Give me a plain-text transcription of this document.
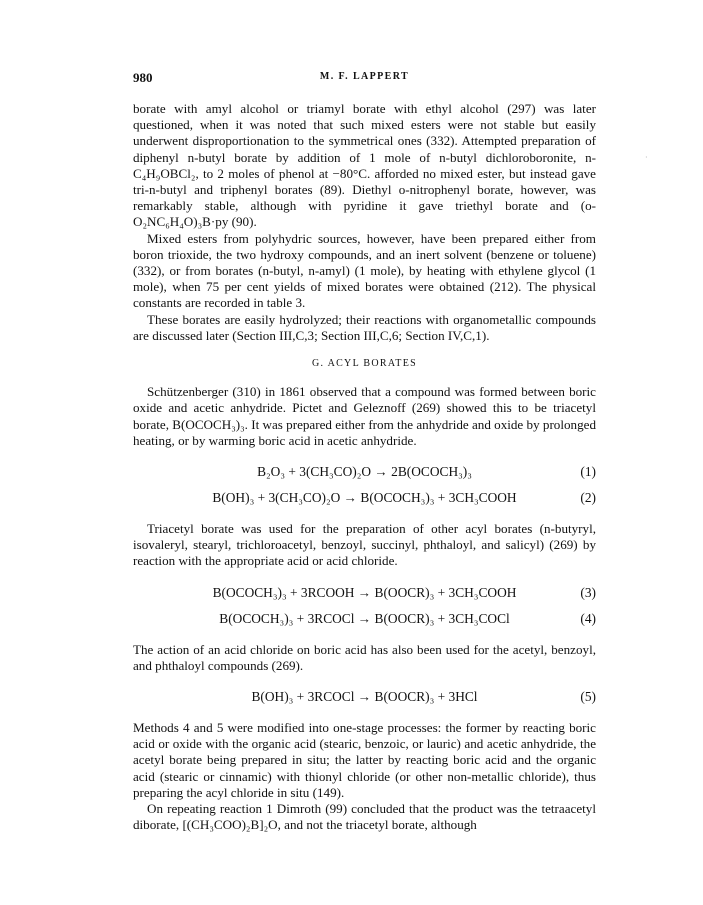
980	M. F. LAPPERT
·

borate with amyl alcohol or triamyl borate with ethyl alcohol (297) was later questioned, when it was noted that such mixed esters were not stable but easily underwent disproportionation to the symmetrical ones (332). Attempted preparation of diphenyl n-butyl borate by addition of 1 mole of n-butyl dichloroboronite, n-C₄H₉OBCl₂, to 2 moles of phenol at −80°C. afforded no mixed ester, but instead gave tri-n-butyl and triphenyl borates (89). Diethyl o-nitrophenyl borate, however, was remarkably stable, although with pyridine it gave triethyl borate and (o-O₂NC₆H₄O)₃B·py (90).

Mixed esters from polyhydric sources, however, have been prepared either from boron trioxide, the two hydroxy compounds, and an inert solvent (benzene or toluene) (332), or from borates (n-butyl, n-amyl) (1 mole), by heating with ethylene glycol (1 mole), when 75 per cent yields of mixed borates were obtained (212). The physical constants are recorded in table 3.

These borates are easily hydrolyzed; their reactions with organometallic compounds are discussed later (Section III,C,3; Section III,C,6; Section IV,C,1).

G. ACYL BORATES

Schützenberger (310) in 1861 observed that a compound was formed between boric oxide and acetic anhydride. Pictet and Geleznoff (269) showed this to be triacetyl borate, B(OCOCH₃)₃. It was prepared either from the anhydride and oxide by prolonged heating, or by warming boric acid in acetic anhydride.

B₂O₃ + 3(CH₃CO)₂O → 2B(OCOCH₃)₃	(1)
B(OH)₃ + 3(CH₃CO)₂O → B(OCOCH₃)₃ + 3CH₃COOH	(2)

Triacetyl borate was used for the preparation of other acyl borates (n-butyryl, isovaleryl, stearyl, trichloroacetyl, benzoyl, succinyl, phthaloyl, and salicyl) (269) by reaction with the appropriate acid or acid chloride.

B(OCOCH₃)₃ + 3RCOOH → B(OOCR)₃ + 3CH₃COOH	(3)
B(OCOCH₃)₃ + 3RCOCl → B(OOCR)₃ + 3CH₃COCl	(4)

The action of an acid chloride on boric acid has also been used for the acetyl, benzoyl, and phthaloyl compounds (269).

B(OH)₃ + 3RCOCl → B(OOCR)₃ + 3HCl	(5)

Methods 4 and 5 were modified into one-stage processes: the former by reacting boric acid or oxide with the organic acid (stearic, benzoic, or lauric) and acetic anhydride, the acetyl borate being prepared in situ; the latter by reacting boric acid and the organic acid (stearic or cinnamic) with thionyl chloride (or other non-metallic chloride), thus preparing the acyl chloride in situ (149).

On repeating reaction 1 Dimroth (99) concluded that the product was the tetraacetyl diborate, [(CH₃COO)₂B]₂O, and not the triacetyl borate, although
